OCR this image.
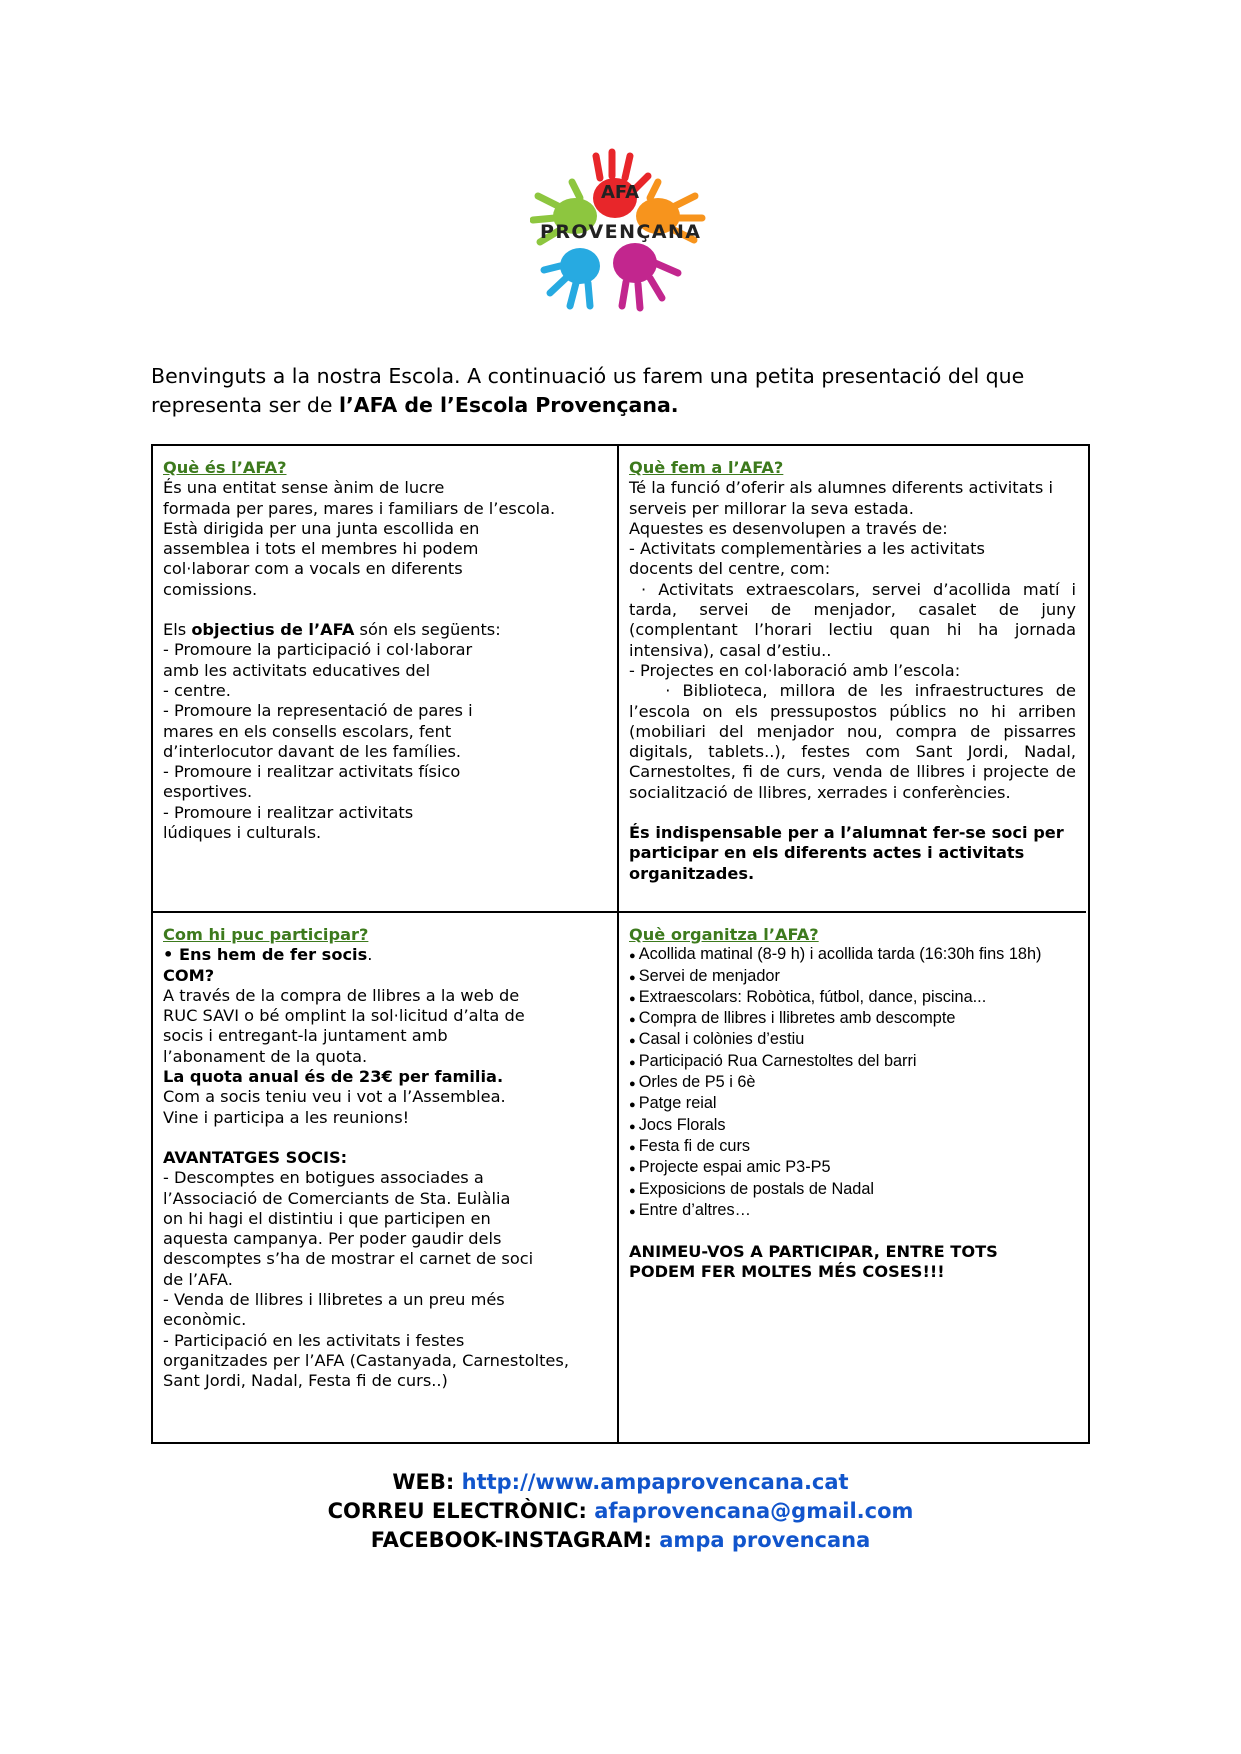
AFA
PROVENÇANA
Benvinguts a la nostra Escola. A continuació us farem una petita presentació del que representa ser de l’AFA de l’Escola Provençana.
Què és l’AFA?
És una entitat sense ànim de lucre
formada per pares, mares i familiars de l’escola.
Està dirigida per una junta escollida en
assemblea i tots el membres hi podem
col·laborar com a vocals en diferents
comissions.
Els objectius de l’AFA són els següents:
- Promoure la participació i col·laborar
amb les activitats educatives del
- centre.
- Promoure la representació de pares i
mares en els consells escolars, fent
d’interlocutor davant de les famílies.
- Promoure i realitzar activitats físico
esportives.
- Promoure i realitzar activitats
lúdiques i culturals.
Què fem a l’AFA?
Té la funció d’oferir als alumnes diferents activitats i serveis per millorar la seva estada.
Aquestes es desenvolupen a través de:
- Activitats complementàries a les activitats docents del centre, com:
· Activitats extraescolars, servei d’acollida matí i tarda, servei de menjador, casalet de juny (complentant l’horari lectiu quan hi ha jornada intensiva), casal d’estiu..
- Projectes en col·laboració amb l’escola:
· Biblioteca, millora de les infraestructures de l’escola on els pressupostos públics no hi arriben (mobiliari del menjador nou, compra de pissarres digitals, tablets..), festes com Sant Jordi, Nadal, Carnestoltes, fi de curs, venda de llibres i projecte de socialització de llibres, xerrades i conferències.
És indispensable per a l’alumnat fer-se soci per participar en els diferents actes i activitats organitzades.
Com hi puc participar?
• Ens hem de fer socis.
COM?
A través de la compra de llibres a la web de
RUC SAVI o bé omplint la sol·licitud d’alta de
socis i entregant-la juntament amb
l’abonament de la quota.
La quota anual és de 23€ per familia.
Com a socis teniu veu i vot a l’Assemblea.
Vine i participa a les reunions!
AVANTATGES SOCIS:
- Descomptes en botigues associades a
l’Associació de Comerciants de Sta. Eulàlia
on hi hagi el distintiu i que participen en
aquesta campanya. Per poder gaudir dels
descomptes s’ha de mostrar el carnet de soci
de l’AFA.
- Venda de llibres i llibretes a un preu més
econòmic.
- Participació en les activitats i festes
organitzades per l’AFA (Castanyada, Carnestoltes,
Sant Jordi, Nadal, Festa fi de curs..)
Què organitza l’AFA?
● Acollida matinal (8-9 h) i acollida tarda (16:30h fins 18h)
● Servei de menjador
● Extraescolars: Robòtica, fútbol, dance, piscina...
● Compra de llibres i llibretes amb descompte
● Casal i colònies d’estiu
● Participació Rua Carnestoltes del barri
● Orles de P5 i 6è
● Patge reial
● Jocs Florals
● Festa fi de curs
● Projecte espai amic P3-P5
● Exposicions de postals de Nadal
● Entre d’altres…
ANIMEU-VOS A PARTICIPAR, ENTRE TOTS
PODEM FER MOLTES MÉS COSES!!!
WEB: http://www.ampaprovencana.cat
CORREU ELECTRÒNIC: afaprovencana@gmail.com
FACEBOOK-INSTAGRAM: ampa provencana
